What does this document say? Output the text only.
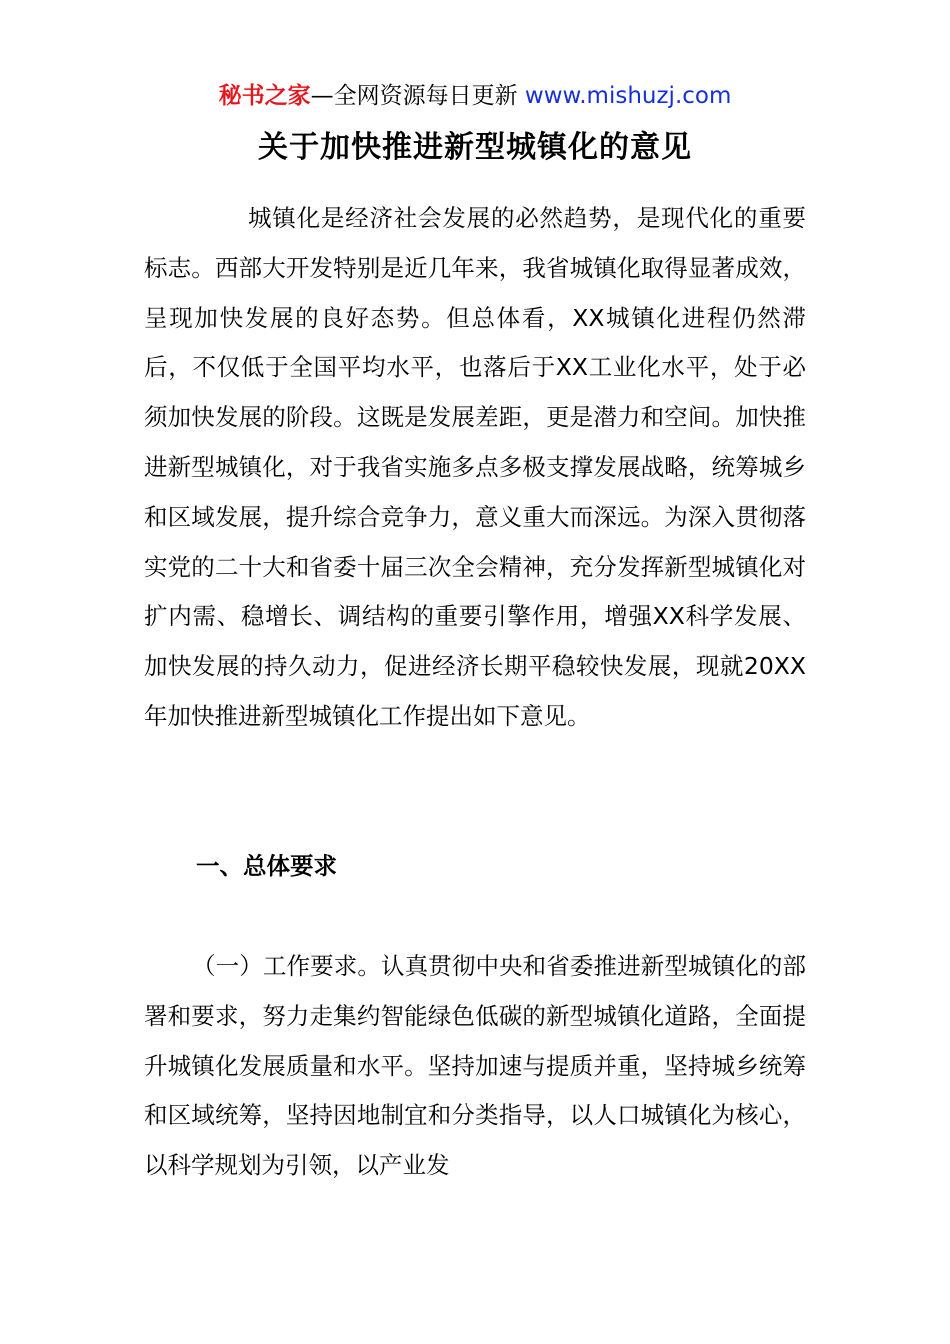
秘书之家—全网资源每日更新 www.mishuzj.com
关于加快推进新型城镇化的意见

城镇化是经济社会发展的必然趋势，是现代化的重要标志。西部大开发特别是近几年来，我省城镇化取得显著成效，呈现加快发展的良好态势。但总体看，XX城镇化进程仍然滞后，不仅低于全国平均水平，也落后于XX工业化水平，处于必须加快发展的阶段。这既是发展差距，更是潜力和空间。加快推进新型城镇化，对于我省实施多点多极支撑发展战略，统筹城乡和区域发展，提升综合竞争力，意义重大而深远。为深入贯彻落实党的二十大和省委十届三次全会精神，充分发挥新型城镇化对扩内需、稳增长、调结构的重要引擎作用，增强XX科学发展、加快发展的持久动力，促进经济长期平稳较快发展，现就20XX年加快推进新型城镇化工作提出如下意见。

一、总体要求

（一）工作要求。认真贯彻中央和省委推进新型城镇化的部署和要求，努力走集约智能绿色低碳的新型城镇化道路，全面提升城镇化发展质量和水平。坚持加速与提质并重，坚持城乡统筹和区域统筹，坚持因地制宜和分类指导，以人口城镇化为核心，以科学规划为引领，以产业发
